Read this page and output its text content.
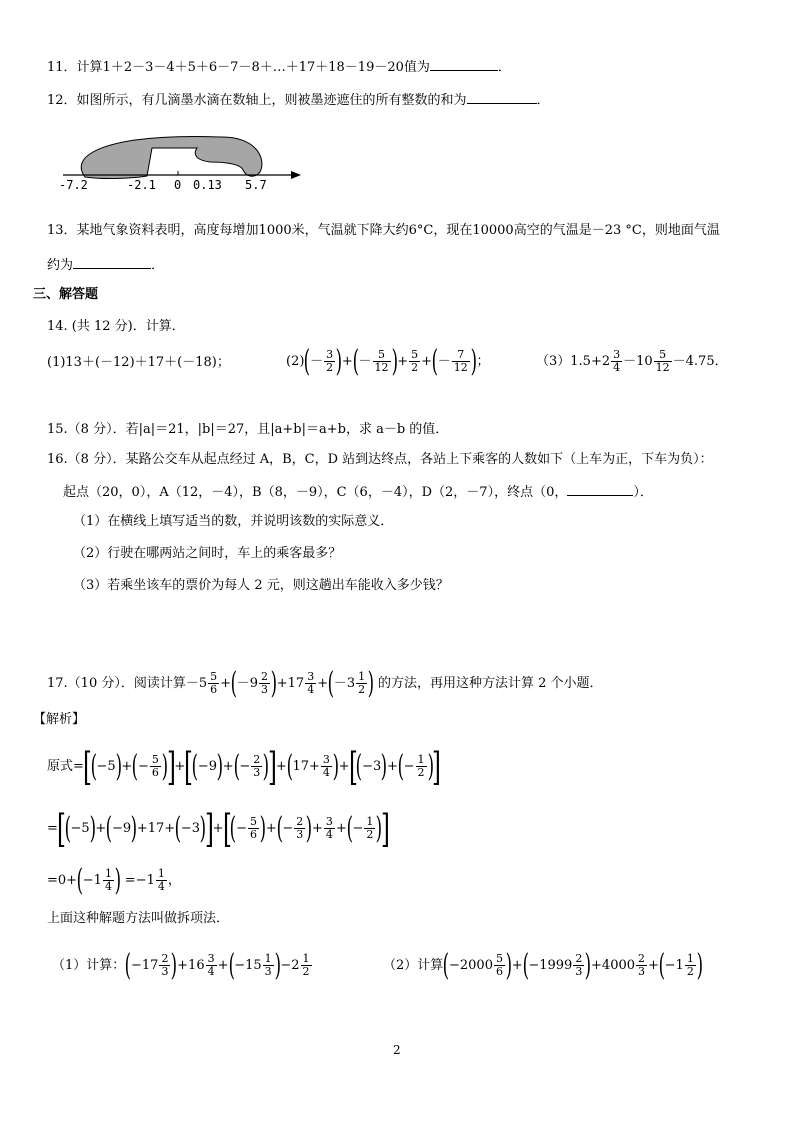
11．计算1＋2－3－4＋5＋6－7－8＋…＋17＋18－19－20值为	．
12．如图所示，有几滴墨水滴在数轴上，则被墨迹遮住的所有整数的和为	．
-7.2	-2.1 0 0.13 5.7
13．某地气象资料表明，高度每增加1000米，气温就下降大约6°C，现在10000高空的气温是－23 °C，则地面气温
约为	．
三、解答题
14. (共 12 分)．计算．
(1)13＋(－12)＋17＋(－18)；	$(2)(- \frac{3}{2}$ )+(－ $\frac{5}{12}$ )+ $\frac{5}{2}$ +(－ $\frac{7}{12}$ )；	$(3)1.5+2 \frac{3}{4} -10 \frac{5}{12} -4.75$．
15.（8 分）．若|a|＝21，|b|＝27，且|a+b|＝a+b，求 a－b 的值．
16.（8 分）．某路公交车从起点经过 A，B，C，D 站到达终点，各站上下乘客的人数如下（上车为正，下车为负）：
起点（20，0），A（12，－4），B（8，－9），C（6，－4），D（2，－7），终点（0，	）．
（1）在横线上填写适当的数，并说明该数的实际意义．
（2）行驶在哪两站之间时，车上的乘客最多？
（3）若乘坐该车的票价为每人 2 元，则这趟出车能收入多少钱？
17.（10 分）．阅读计算$-5 \frac{5}{6} +(-9 \frac{2}{3} )+17 \frac{3}{4} +(-3 \frac{1}{2}$ ) 的方法，再用这种方法计算 2 个小题．
【解析】
原式$=[(-5)+(- \frac{5}{6} )]+[(-9)+(- \frac{2}{3} )]+(17+ \frac{3}{4} )+[(-3)+(- \frac{1}{2}$ )]
$=[(-5)+(-9)+17+(-3)]+[(- \frac{5}{6}$ )+(− $\frac{2}{3}$ )+ $\frac{3}{4}$ +(− $\frac{1}{2}$ )]
$=0+(-1 \frac{1}{4}$ ) $=-1 \frac{1}{4}$ ，
上面这种解题方法叫做拆项法．
（1）计算：$(-17 \frac{2}{3} )+16 \frac{3}{4} +(-15 \frac{1}{3} )-2 \frac{1}{2}$	（2）计算$(-2000 \frac{5}{6} )+(-1999 \frac{2}{3} )+4000 \frac{2}{3} +(-1 \frac{1}{2}$ )
2
